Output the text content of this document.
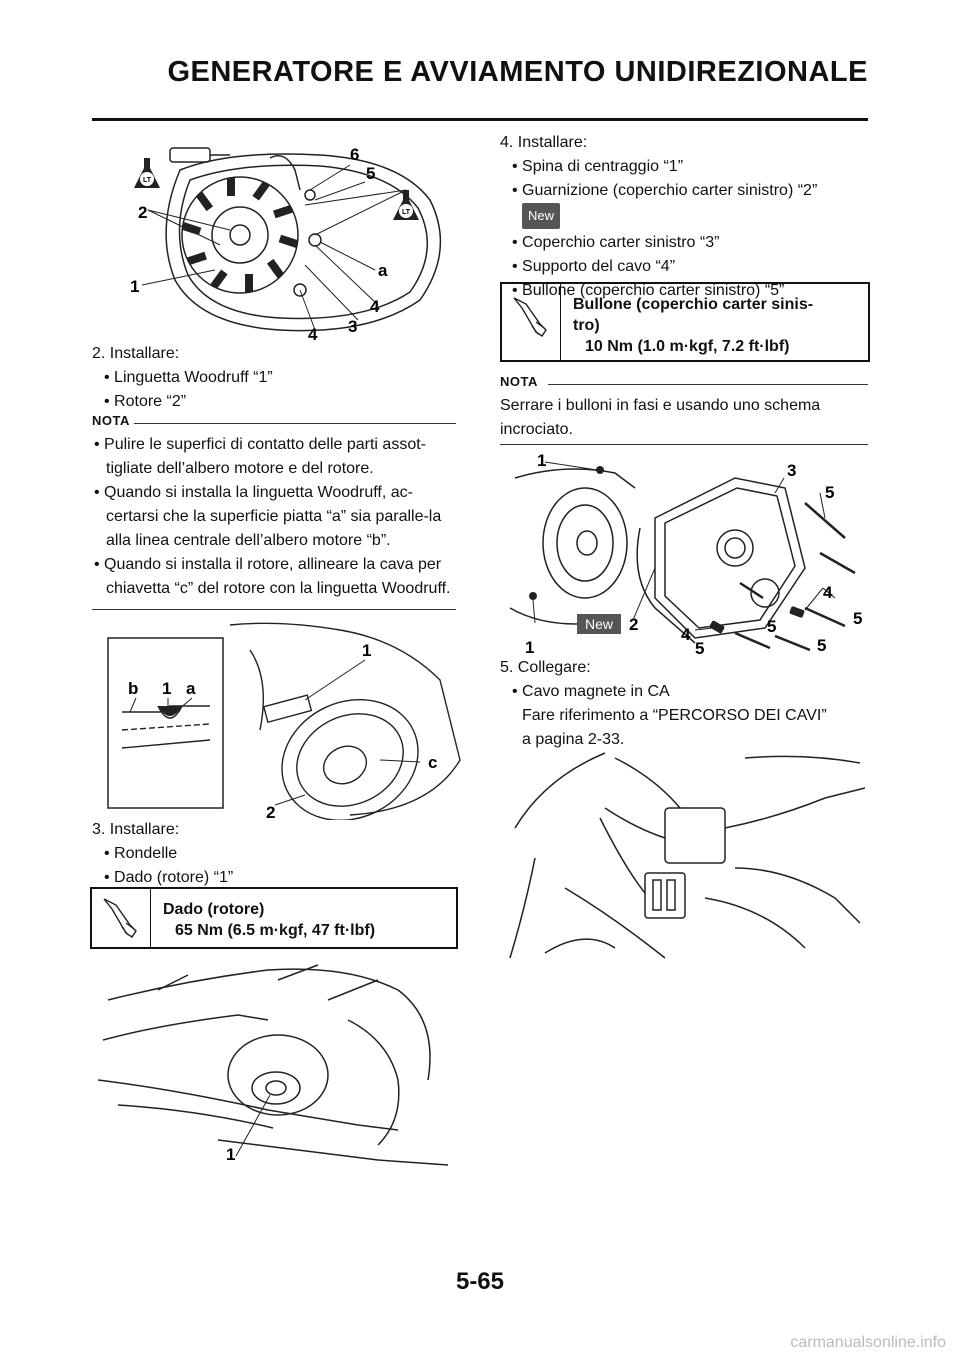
GENERATORE E AVVIAMENTO UNIDIREZIONALE
LT
LT
6
5
2
a
1
4
3
4
2. Installare:
• Linguetta Woodruff “1”
• Rotore “2”
NOTA
• Pulire le superfici di contatto delle parti assot-tigliate dell’albero motore e del rotore.
• Quando si installa la linguetta Woodruff, ac-certarsi che la superficie piatta “a” sia paralle-la alla linea centrale dell’albero motore “b”.
• Quando si installa il rotore, allineare la cava per chiavetta “c” del rotore con la linguetta Woodruff.
b 1 a
1
c
2
3. Installare:
• Rondelle
• Dado (rotore) “1”
Dado (rotore)
65 Nm (6.5 m·kgf, 47 ft·lbf)
1
4. Installare:
• Spina di centraggio “1”
• Guarnizione (coperchio carter sinistro) “2”
New
• Coperchio carter sinistro “3”
• Supporto del cavo “4”
• Bullone (coperchio carter sinistro) “5”
Bullone (coperchio carter sinis-
tro)
10 Nm (1.0 m·kgf, 7.2 ft·lbf)
NOTA
Serrare i bulloni in fasi e usando uno schema incrociato.
1
3
5
4
5
2
4	5
5
1	5
New
5. Collegare:
• Cavo magnete in CA
Fare riferimento a “PERCORSO DEI CAVI”
a pagina 2-33.
5-65
carmanualsonline.info
